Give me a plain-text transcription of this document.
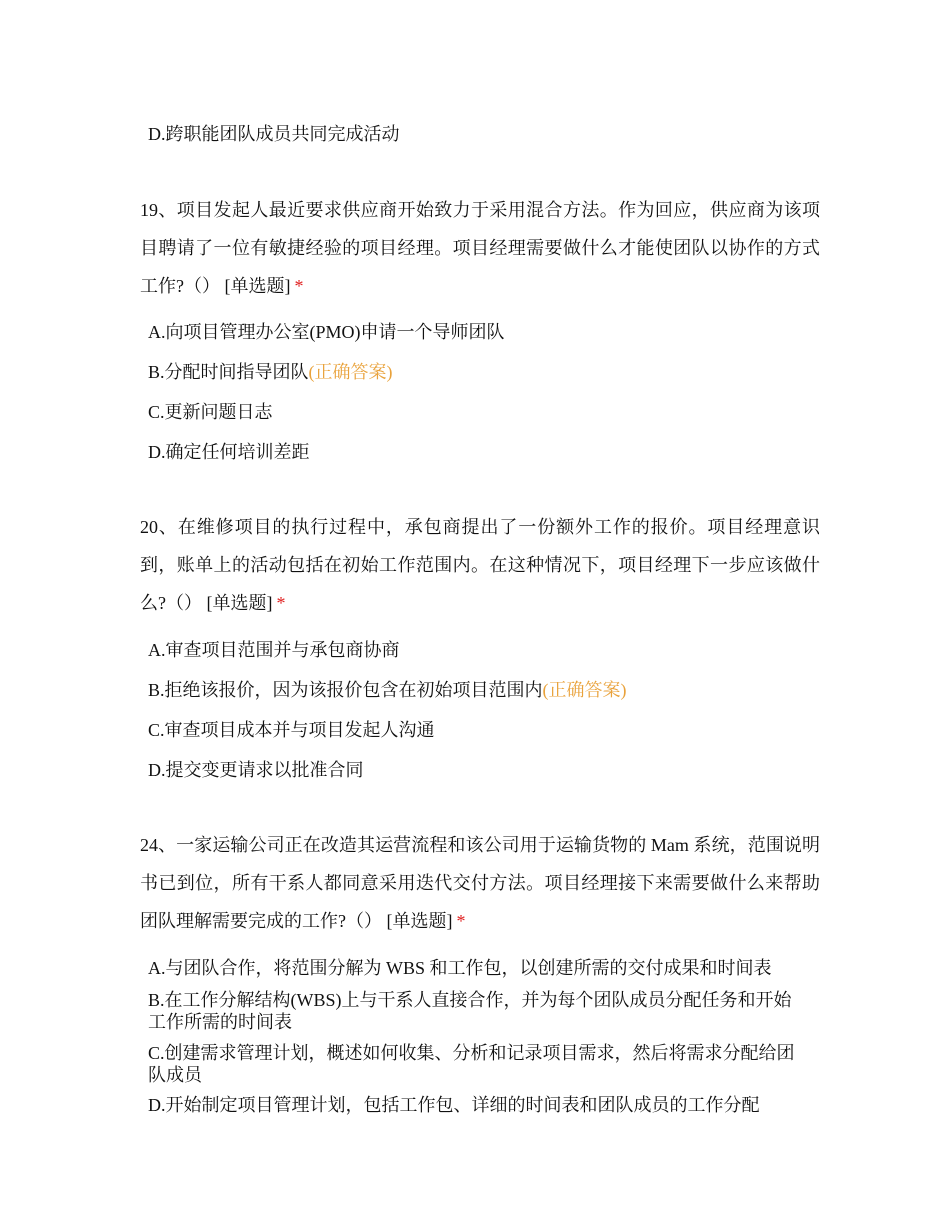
D.跨职能团队成员共同完成活动
19、项目发起人最近要求供应商开始致力于采用混合方法。作为回应，供应商为该项目聘请了一位有敏捷经验的项目经理。项目经理需要做什么才能使团队以协作的方式工作?（） [单选题] *
A.向项目管理办公室(PMO)申请一个导师团队
B.分配时间指导团队(正确答案)
C.更新问题日志
D.确定任何培训差距
20、在维修项目的执行过程中，承包商提出了一份额外工作的报价。项目经理意识到，账单上的活动包括在初始工作范围内。在这种情况下，项目经理下一步应该做什么?（） [单选题] *
A.审查项目范围并与承包商协商
B.拒绝该报价，因为该报价包含在初始项目范围内(正确答案)
C.审查项目成本并与项目发起人沟通
D.提交变更请求以批准合同
24、一家运输公司正在改造其运营流程和该公司用于运输货物的 Mam 系统，范围说明书已到位，所有干系人都同意采用迭代交付方法。项目经理接下来需要做什么来帮助团队理解需要完成的工作?（） [单选题] *
A.与团队合作，将范围分解为 WBS 和工作包，以创建所需的交付成果和时间表
B.在工作分解结构(WBS)上与干系人直接合作，并为每个团队成员分配任务和开始工作所需的时间表
C.创建需求管理计划，概述如何收集、分析和记录项目需求，然后将需求分配给团队成员
D.开始制定项目管理计划，包括工作包、详细的时间表和团队成员的工作分配
